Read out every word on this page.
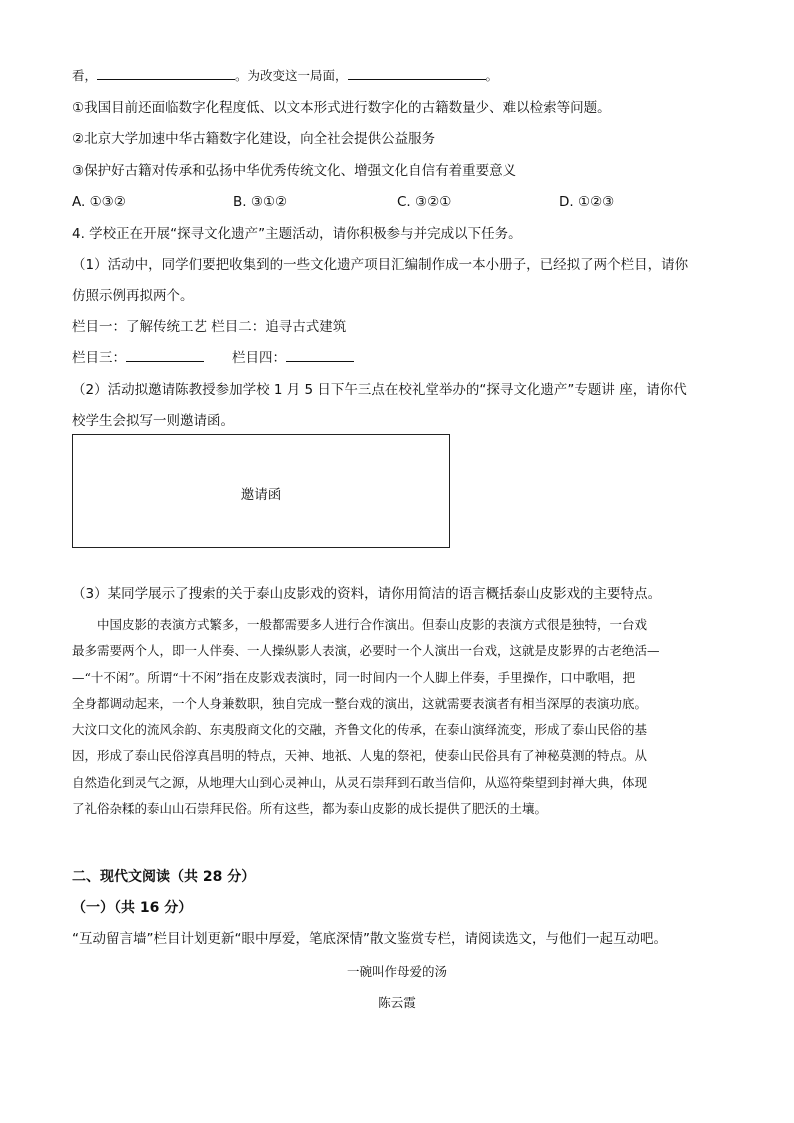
看，	。为改变这一局面，	。
①我国目前还面临数字化程度低、以文本形式进行数字化的古籍数量少、难以检索等问题。
②北京大学加速中华古籍数字化建设，向全社会提供公益服务
③保护好古籍对传承和弘扬中华优秀传统文化、增强文化自信有着重要意义
A. ①③②	B. ③①②	C. ③②①	D. ①②③
4. 学校正在开展“探寻文化遗产”主题活动，请你积极参与并完成以下任务。
（1）活动中，同学们要把收集到的一些文化遗产项目汇编制作成一本小册子，已经拟了两个栏目，请你
仿照示例再拟两个。
栏目一：了解传统工艺 栏目二：追寻古式建筑
栏目三：	栏目四：
（2）活动拟邀请陈教授参加学校 1 月 5 日下午三点在校礼堂举办的“探寻文化遗产”专题讲 座，请你代
校学生会拟写一则邀请函。
邀请函
（3）某同学展示了搜索的关于泰山皮影戏的资料，请你用简洁的语言概括泰山皮影戏的主要特点。
　　中国皮影的表演方式繁多，一般都需要多人进行合作演出。但泰山皮影的表演方式很是独特，一台戏
最多需要两个人，即一人伴奏、一人操纵影人表演，必要时一个人演出一台戏，这就是皮影界的古老绝活—
—“十不闲”。所谓“十不闲”指在皮影戏表演时，同一时间内一个人脚上伴奏，手里操作，口中歌唱，把
全身都调动起来，一个人身兼数职，独自完成一整台戏的演出，这就需要表演者有相当深厚的表演功底。
大汶口文化的流风余韵、东夷殷商文化的交融，齐鲁文化的传承，在泰山演绎流变，形成了泰山民俗的基
因，形成了泰山民俗淳真昌明的特点，天神、地祇、人鬼的祭祀，使泰山民俗具有了神秘莫测的特点。从
自然造化到灵气之源，从地理大山到心灵神山，从灵石崇拜到石敢当信仰，从巡符柴望到封禅大典，体现
了礼俗杂糅的泰山山石崇拜民俗。所有这些，都为泰山皮影的成长提供了肥沃的土壤。
二、现代文阅读（共 28 分）
（一）（共 16 分）
“互动留言墙”栏目计划更新“眼中厚爱，笔底深情”散文鉴赏专栏，请阅读选文，与他们一起互动吧。
一碗叫作母爱的汤
陈云霞
